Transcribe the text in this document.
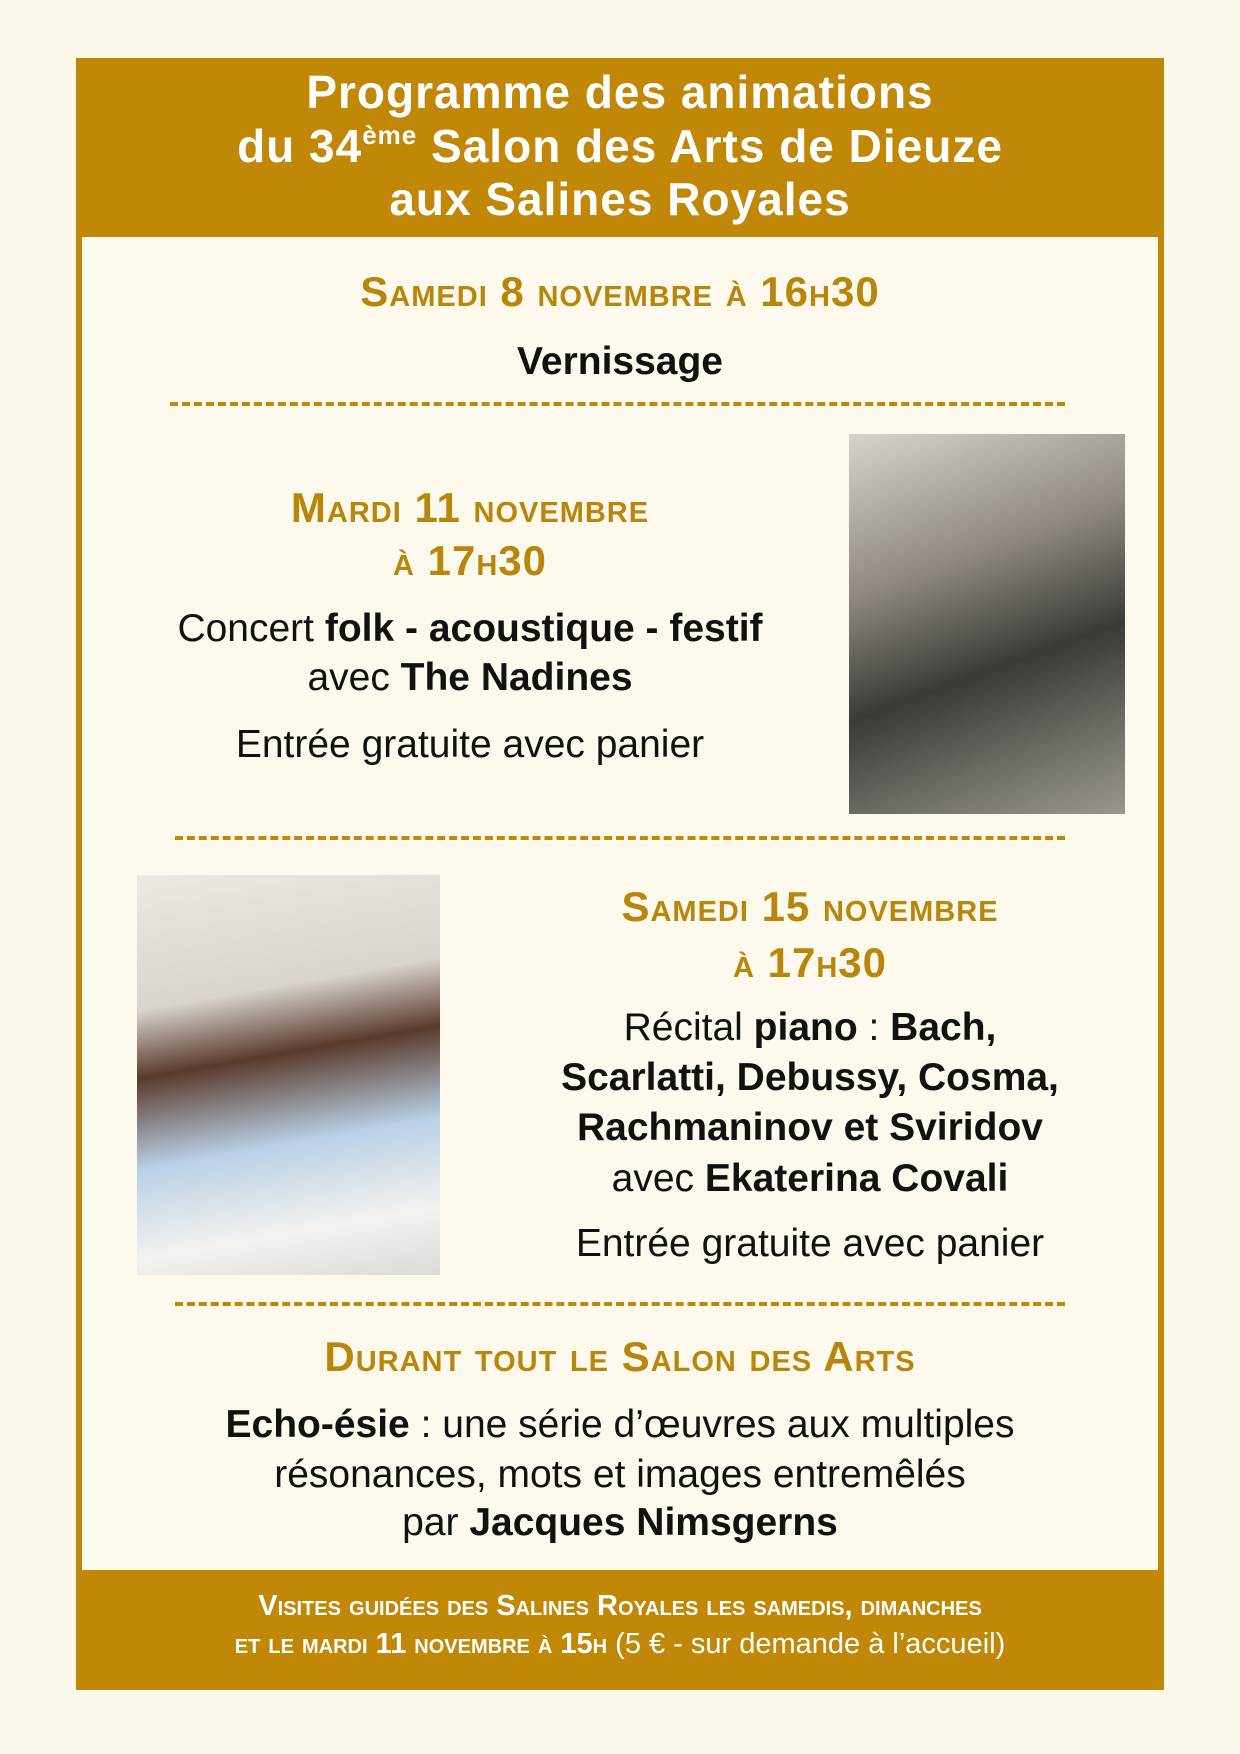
Programme des animations
du 34ème Salon des Arts de Dieuze
aux Salines Royales
Samedi 8 novembre à 16h30
Vernissage
Mardi 11 novembre
à 17h30
Concert folk - acoustique - festif
avec The Nadines
Entrée gratuite avec panier
Samedi 15 novembre
à 17h30
Récital piano : Bach,
Scarlatti, Debussy, Cosma,
Rachmaninov et Sviridov
avec Ekaterina Covali
Entrée gratuite avec panier
Durant tout le Salon des Arts
Echo-ésie : une série d’œuvres aux multiples
résonances, mots et images entremêlés
par Jacques Nimsgerns
Visites guidées des Salines Royales les samedis, dimanches
et le mardi 11 novembre à 15h (5 € - sur demande à l’accueil)
